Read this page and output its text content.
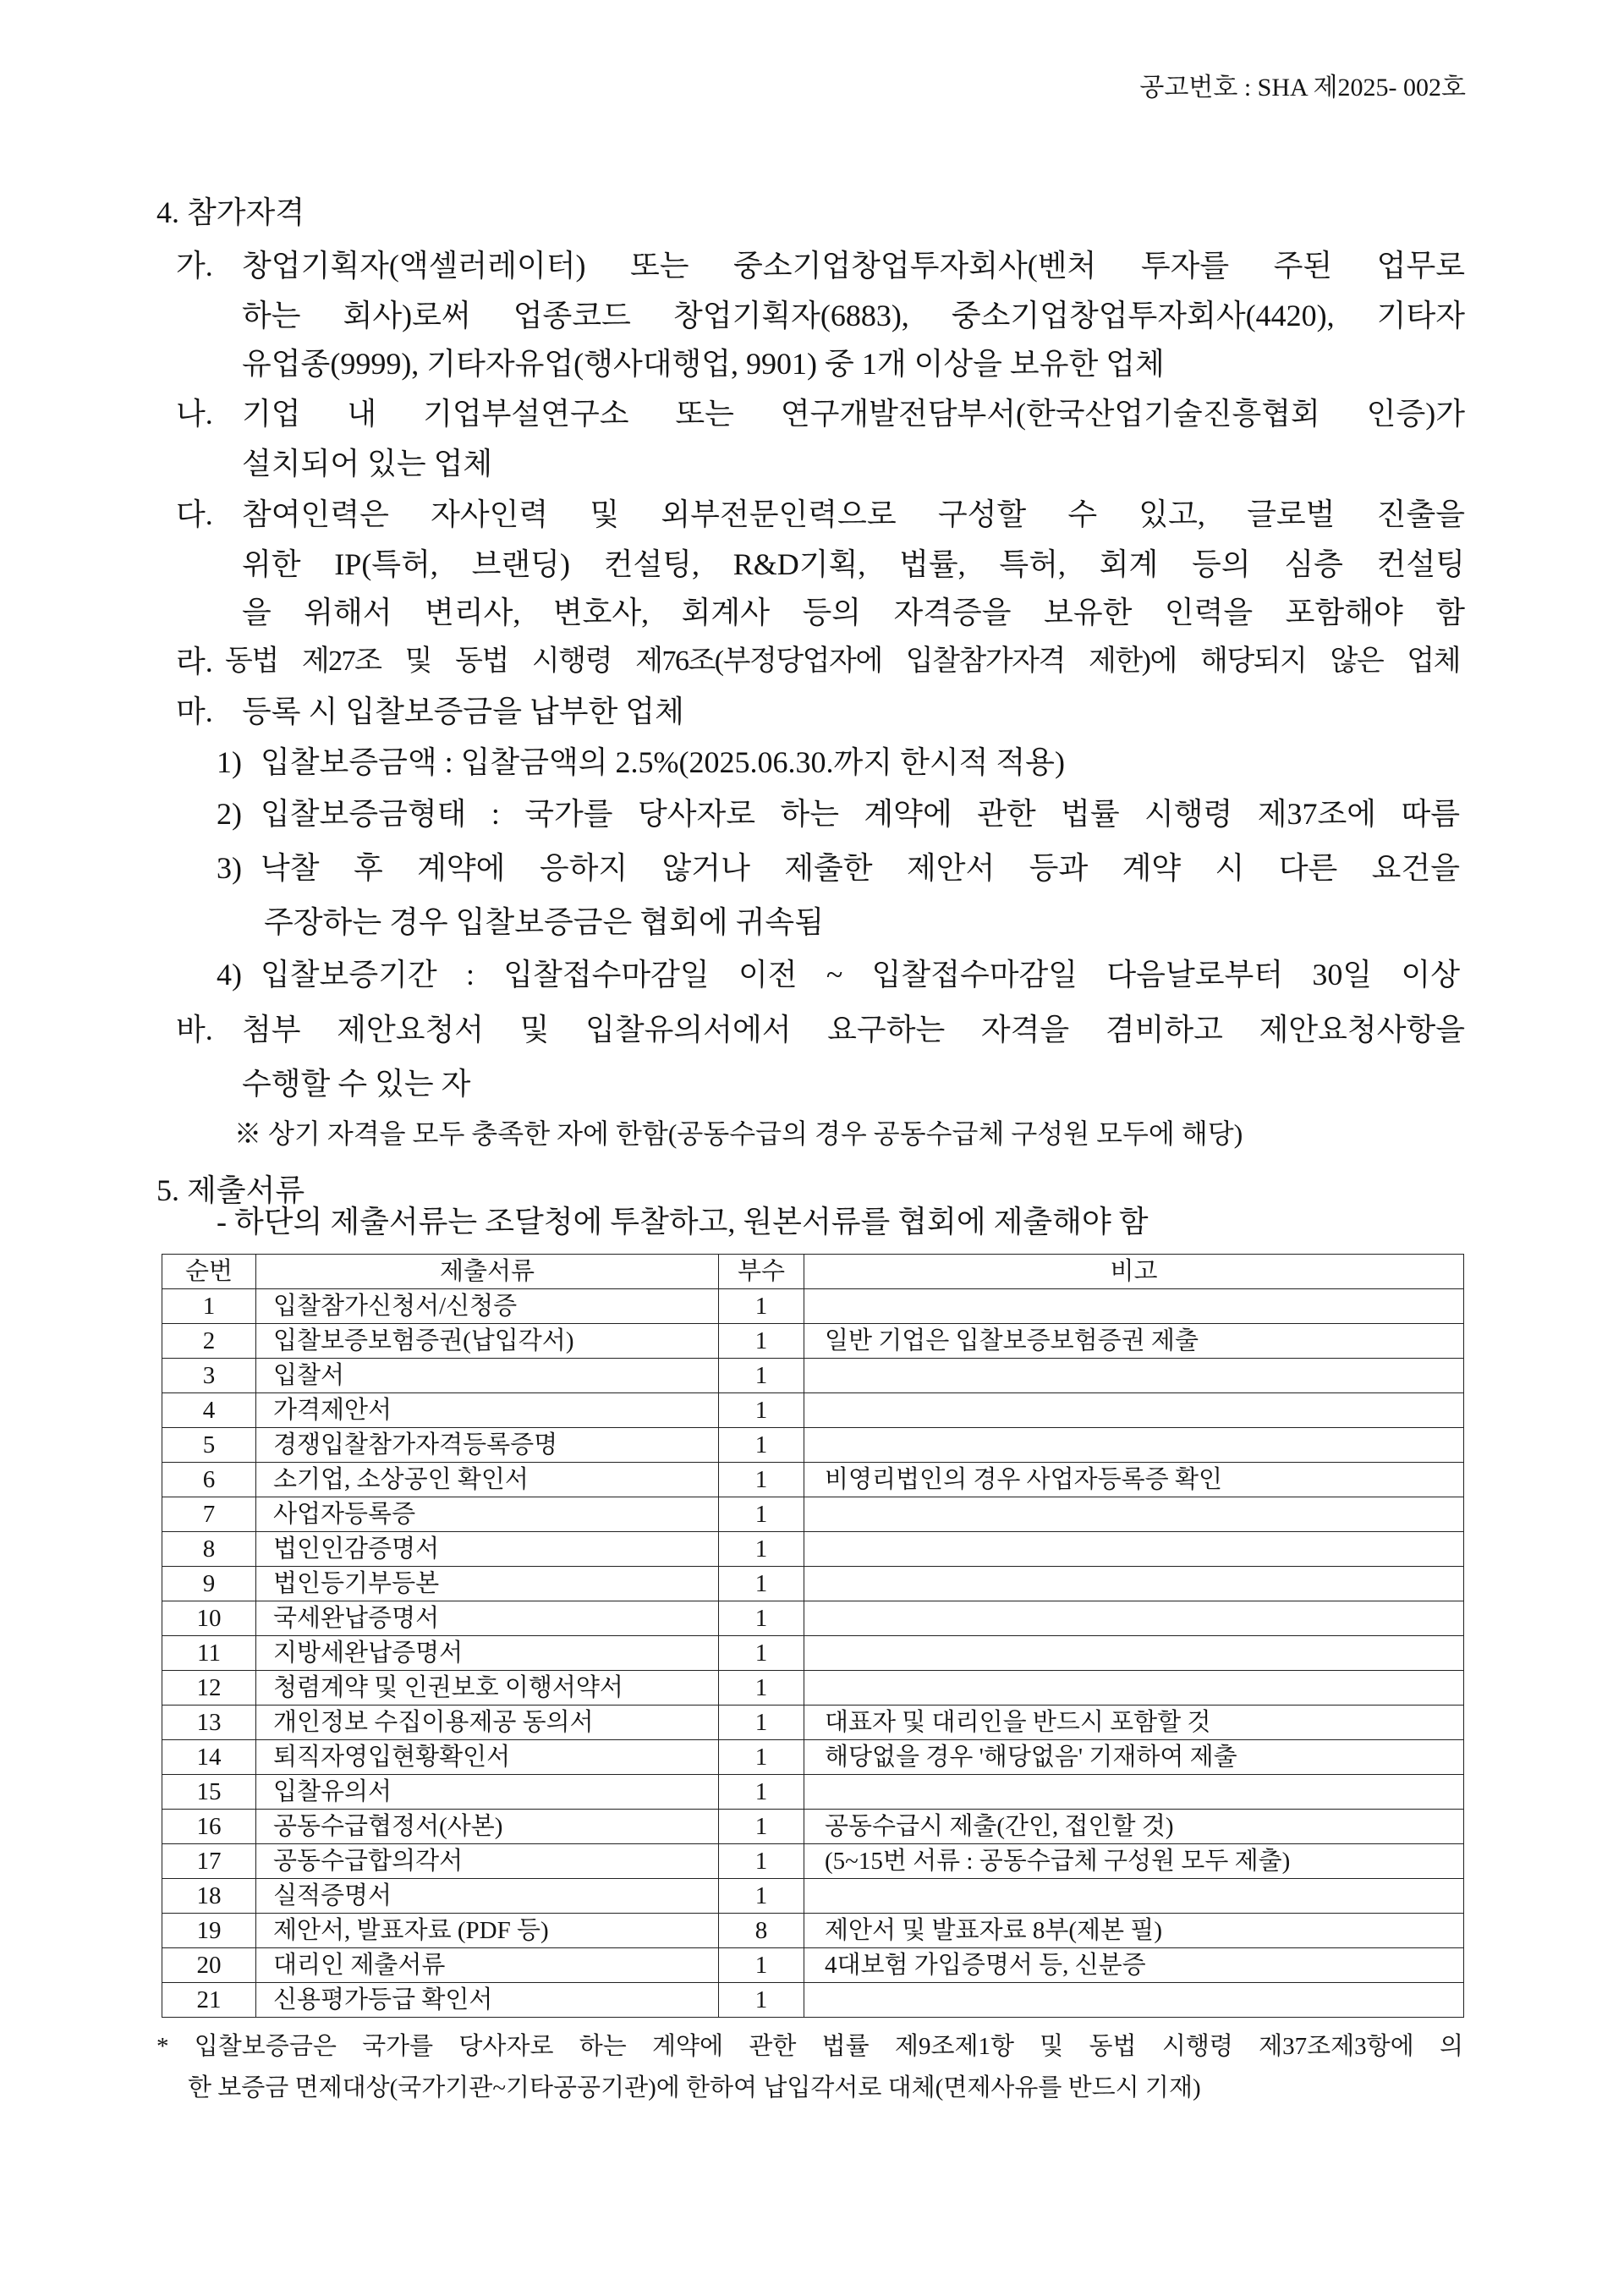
공고번호 : SHA 제2025- 002호
4. 참가자격
가. 창업기획자(액셀러레이터) 또는 중소기업창업투자회사(벤처 투자를 주된 업무로
하는 회사)로써 업종코드 창업기획자(6883), 중소기업창업투자회사(4420), 기타자
유업종(9999), 기타자유업(행사대행업, 9901) 중 1개 이상을 보유한 업체
나. 기업 내 기업부설연구소 또는 연구개발전담부서(한국산업기술진흥협회 인증)가
설치되어 있는 업체
다. 참여인력은 자사인력 및 외부전문인력으로 구성할 수 있고, 글로벌 진출을
위한 IP(특허, 브랜딩) 컨설팅, R&D기획, 법률, 특허, 회계 등의 심층 컨설팅
을 위해서 변리사, 변호사, 회계사 등의 자격증을 보유한 인력을 포함해야 함
라. 동법 제27조 및 동법 시행령 제76조(부정당업자에 입찰참가자격 제한)에 해당되지 않은 업체
마. 등록 시 입찰보증금을 납부한 업체
1) 입찰보증금액 : 입찰금액의 2.5%(2025.06.30.까지 한시적 적용)
2) 입찰보증금형태 : 국가를 당사자로 하는 계약에 관한 법률 시행령 제37조에 따름
3) 낙찰 후 계약에 응하지 않거나 제출한 제안서 등과 계약 시 다른 요건을
주장하는 경우 입찰보증금은 협회에 귀속됨
4) 입찰보증기간 : 입찰접수마감일 이전 ~ 입찰접수마감일 다음날로부터 30일 이상
바. 첨부 제안요청서 및 입찰유의서에서 요구하는 자격을 겸비하고 제안요청사항을
수행할 수 있는 자
※ 상기 자격을 모두 충족한 자에 한함(공동수급의 경우 공동수급체 구성원 모두에 해당)
5. 제출서류
- 하단의 제출서류는 조달청에 투찰하고, 원본서류를 협회에 제출해야 함
순번	제출서류	부수	비고
1	입찰참가신청서/신청증	1	
2	입찰보증보험증권(납입각서)	1	일반 기업은 입찰보증보험증권 제출
3	입찰서	1	
4	가격제안서	1	
5	경쟁입찰참가자격등록증명	1	
6	소기업, 소상공인 확인서	1	비영리법인의 경우 사업자등록증 확인
7	사업자등록증	1	
8	법인인감증명서	1	
9	법인등기부등본	1	
10	국세완납증명서	1	
11	지방세완납증명서	1	
12	청렴계약 및 인권보호 이행서약서	1	
13	개인정보 수집이용제공 동의서	1	대표자 및 대리인을 반드시 포함할 것
14	퇴직자영입현황확인서	1	해당없을 경우 '해당없음' 기재하여 제출
15	입찰유의서	1	
16	공동수급협정서(사본)	1	공동수급시 제출(간인, 접인할 것)
17	공동수급합의각서	1	(5~15번 서류 : 공동수급체 구성원 모두 제출)
18	실적증명서	1	
19	제안서, 발표자료 (PDF 등)	8	제안서 및 발표자료 8부(제본 필)
20	대리인 제출서류	1	4대보험 가입증명서 등, 신분증
21	신용평가등급 확인서	1	
* 입찰보증금은 국가를 당사자로 하는 계약에 관한 법률 제9조제1항 및 동법 시행령 제37조제3항에 의
한 보증금 면제대상(국가기관~기타공공기관)에 한하여 납입각서로 대체(면제사유를 반드시 기재)
